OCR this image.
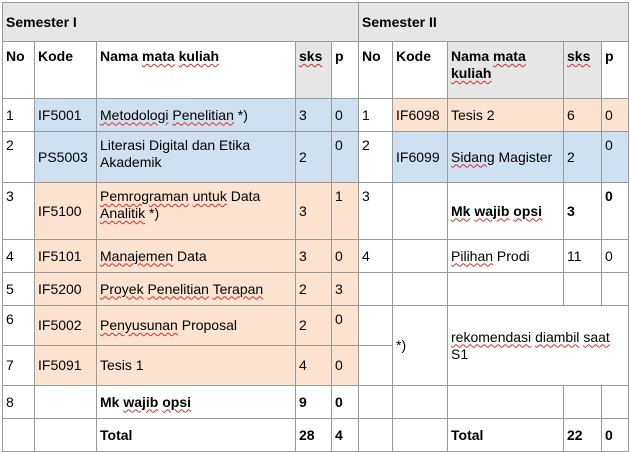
Semester I					Semester II				
No	Kode	Nama mata kuliah	sks	p	No	Kode	Nama mata kuliah	sks	p
1	IF5001	Metodologi Penelitian *)	3	0	1	IF6098	Tesis 2	6	0
2	PS5003	Literasi Digital dan Etika Akademik	2	0	2	IF6099	Sidang Magister	2	0
3	IF5100	Pemrograman untuk Data Analitik *)	3	1	3		Mk wajib opsi	3	0
4	IF5101	Manajemen Data	3	0	4		Pilihan Prodi	11	0
5	IF5200	Proyek Penelitian Terapan	2	3					
6	IF5002	Penyusunan Proposal	2	0		*)	rekomendasi diambil saat S1		
7	IF5091	Tesis 1	4	0					
8		Mk wajib opsi	9	0					
		Total	28	4			Total	22	0
